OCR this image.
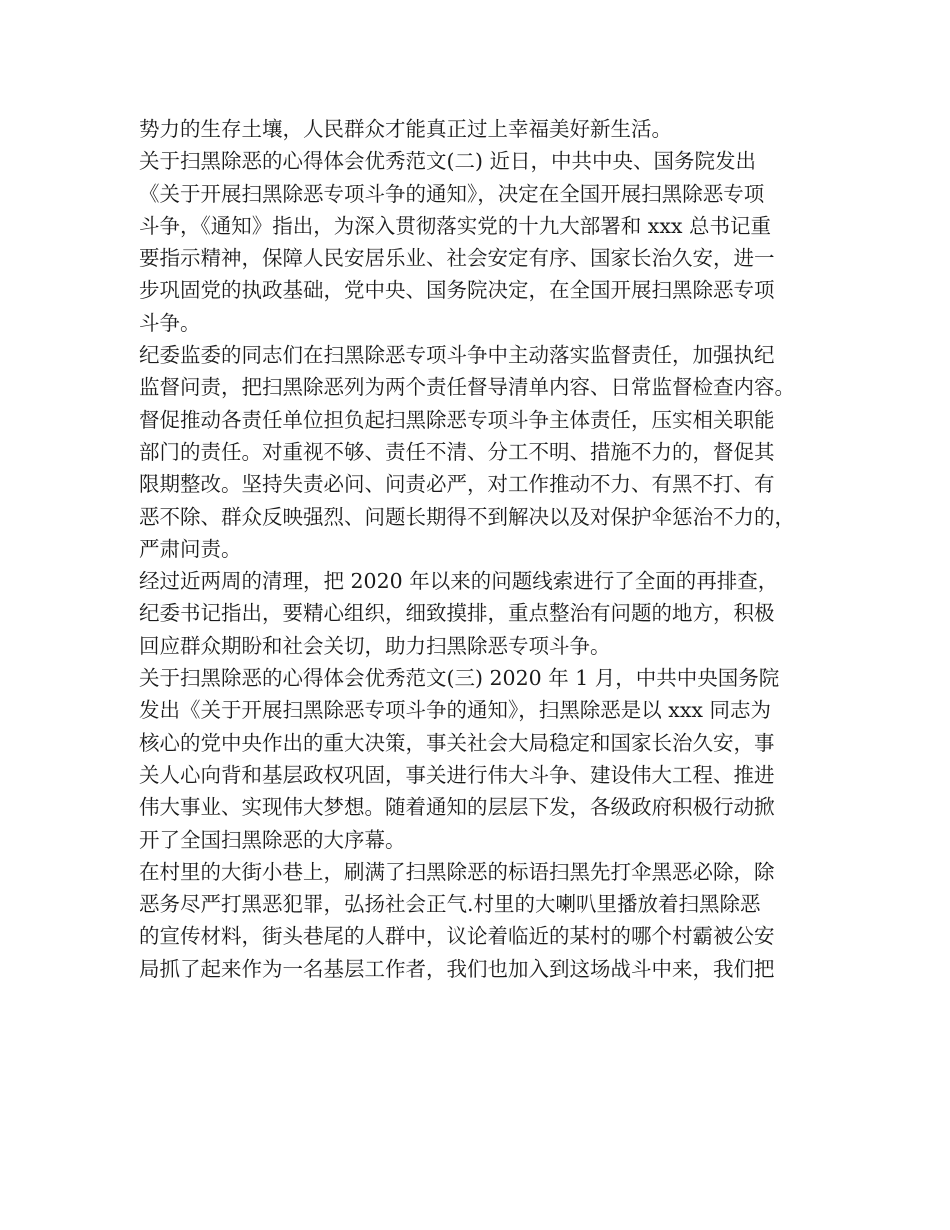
势力的生存土壤，人民群众才能真正过上幸福美好新生活。
关于扫黑除恶的心得体会优秀范文(二) 近日，中共中央、国务院发出
《关于开展扫黑除恶专项斗争的通知》，决定在全国开展扫黑除恶专项
斗争，《通知》指出，为深入贯彻落实党的十九大部署和 xxx 总书记重
要指示精神，保障人民安居乐业、社会安定有序、国家长治久安，进一
步巩固党的执政基础，党中央、国务院决定，在全国开展扫黑除恶专项
斗争。
纪委监委的同志们在扫黑除恶专项斗争中主动落实监督责任，加强执纪
监督问责，把扫黑除恶列为两个责任督导清单内容、日常监督检查内容。
督促推动各责任单位担负起扫黑除恶专项斗争主体责任，压实相关职能
部门的责任。对重视不够、责任不清、分工不明、措施不力的，督促其
限期整改。坚持失责必问、问责必严，对工作推动不力、有黑不打、有
恶不除、群众反映强烈、问题长期得不到解决以及对保护伞惩治不力的，
严肃问责。
经过近两周的清理，把 2020 年以来的问题线索进行了全面的再排查，
纪委书记指出，要精心组织，细致摸排，重点整治有问题的地方，积极
回应群众期盼和社会关切，助力扫黑除恶专项斗争。
关于扫黑除恶的心得体会优秀范文(三) 2020 年 1 月，中共中央国务院
发出《关于开展扫黑除恶专项斗争的通知》，扫黑除恶是以 xxx 同志为
核心的党中央作出的重大决策，事关社会大局稳定和国家长治久安，事
关人心向背和基层政权巩固，事关进行伟大斗争、建设伟大工程、推进
伟大事业、实现伟大梦想。随着通知的层层下发，各级政府积极行动掀
开了全国扫黑除恶的大序幕。
在村里的大街小巷上，刷满了扫黑除恶的标语扫黑先打伞黑恶必除，除
恶务尽严打黑恶犯罪，弘扬社会正气.村里的大喇叭里播放着扫黑除恶
的宣传材料，街头巷尾的人群中，议论着临近的某村的哪个村霸被公安
局抓了起来作为一名基层工作者，我们也加入到这场战斗中来，我们把
